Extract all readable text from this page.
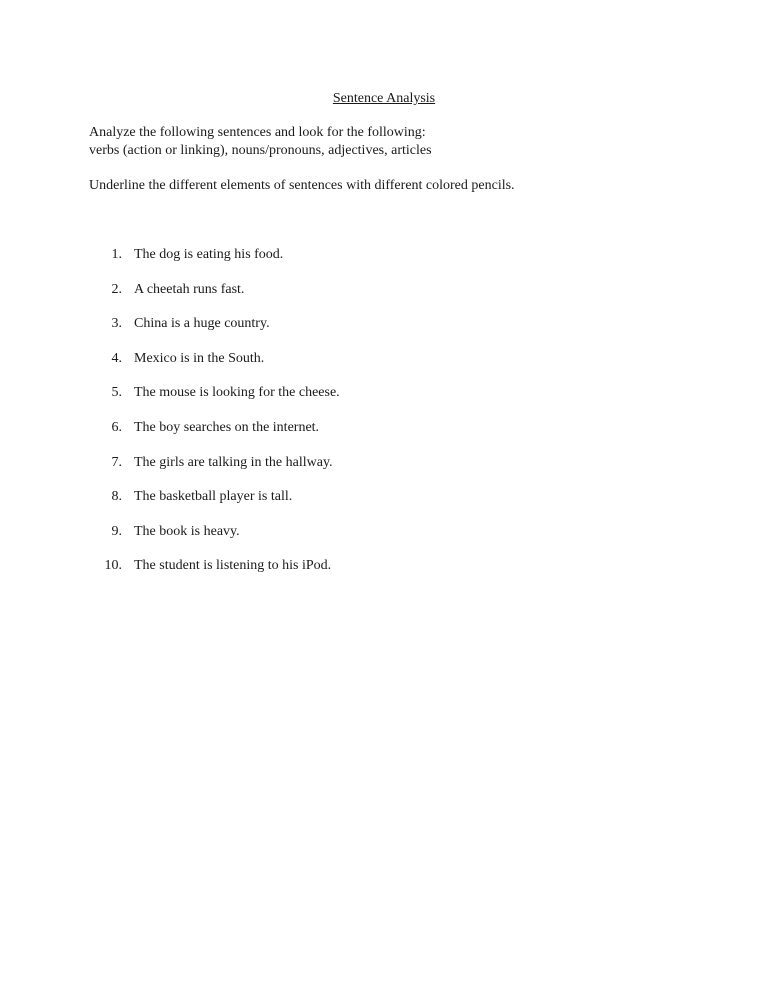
Sentence Analysis
Analyze the following sentences and look for the following:
verbs (action or linking), nouns/pronouns, adjectives, articles
Underline the different elements of sentences with different colored pencils.
1. The dog is eating his food.
2. A cheetah runs fast.
3. China is a huge country.
4. Mexico is in the South.
5. The mouse is looking for the cheese.
6. The boy searches on the internet.
7. The girls are talking in the hallway.
8. The basketball player is tall.
9. The book is heavy.
10. The student is listening to his iPod.
